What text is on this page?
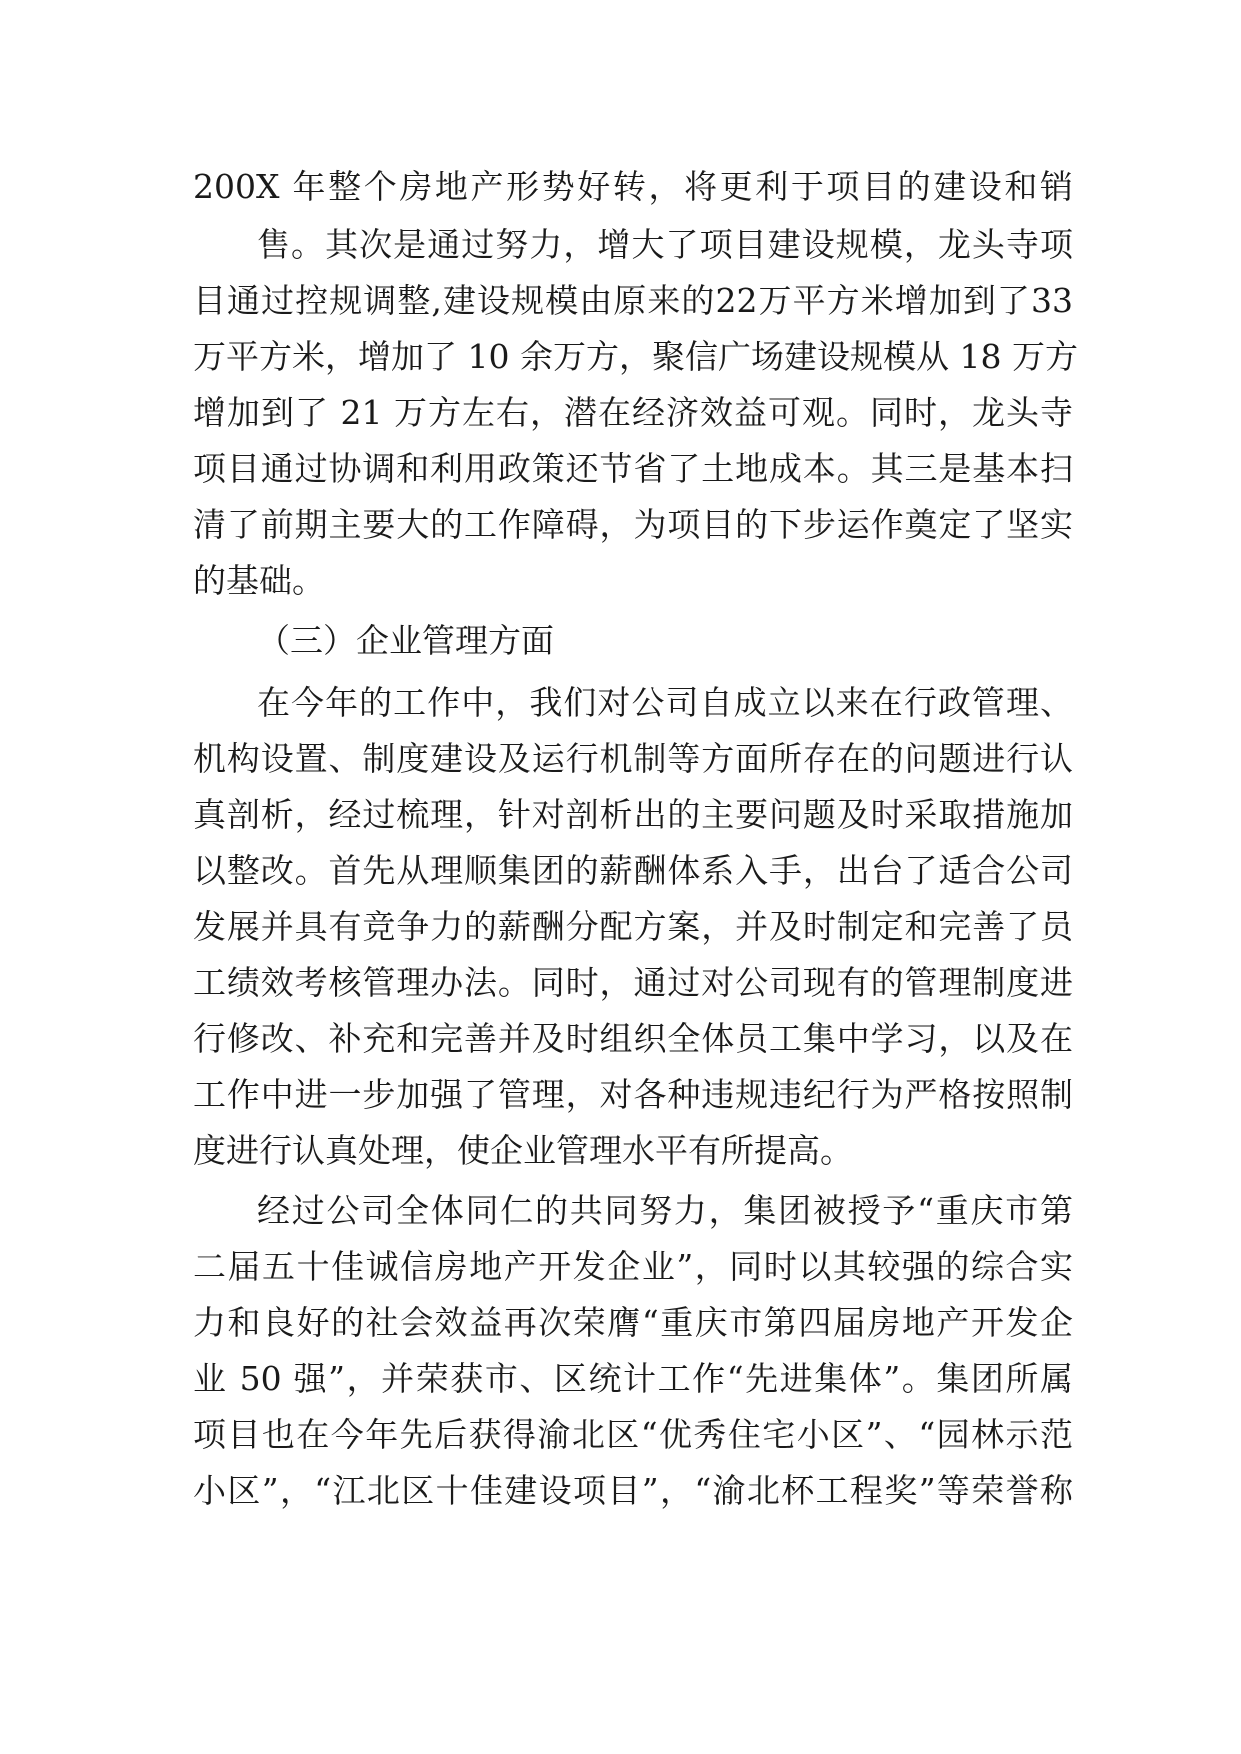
200X 年整个房地产形势好转，将更利于项目的建设和销
售。其次是通过努力，增大了项目建设规模，龙头寺项
目通过控规调整,建设规模由原来的22万平方米增加到了33
万平方米，增加了 10 余万方，聚信广场建设规模从 18 万方
增加到了 21 万方左右，潜在经济效益可观。同时，龙头寺
项目通过协调和利用政策还节省了土地成本。其三是基本扫
清了前期主要大的工作障碍，为项目的下步运作奠定了坚实
的基础。
（三）企业管理方面
在今年的工作中，我们对公司自成立以来在行政管理、
机构设置、制度建设及运行机制等方面所存在的问题进行认
真剖析，经过梳理，针对剖析出的主要问题及时采取措施加
以整改。首先从理顺集团的薪酬体系入手，出台了适合公司
发展并具有竞争力的薪酬分配方案，并及时制定和完善了员
工绩效考核管理办法。同时，通过对公司现有的管理制度进
行修改、补充和完善并及时组织全体员工集中学习，以及在
工作中进一步加强了管理，对各种违规违纪行为严格按照制
度进行认真处理，使企业管理水平有所提高。
经过公司全体同仁的共同努力，集团被授予“重庆市第
二届五十佳诚信房地产开发企业”，同时以其较强的综合实
力和良好的社会效益再次荣膺“重庆市第四届房地产开发企
业 50 强”，并荣获市、区统计工作“先进集体”。集团所属
项目也在今年先后获得渝北区“优秀住宅小区”、“园林示范
小区”，“江北区十佳建设项目”，“渝北杯工程奖”等荣誉称
